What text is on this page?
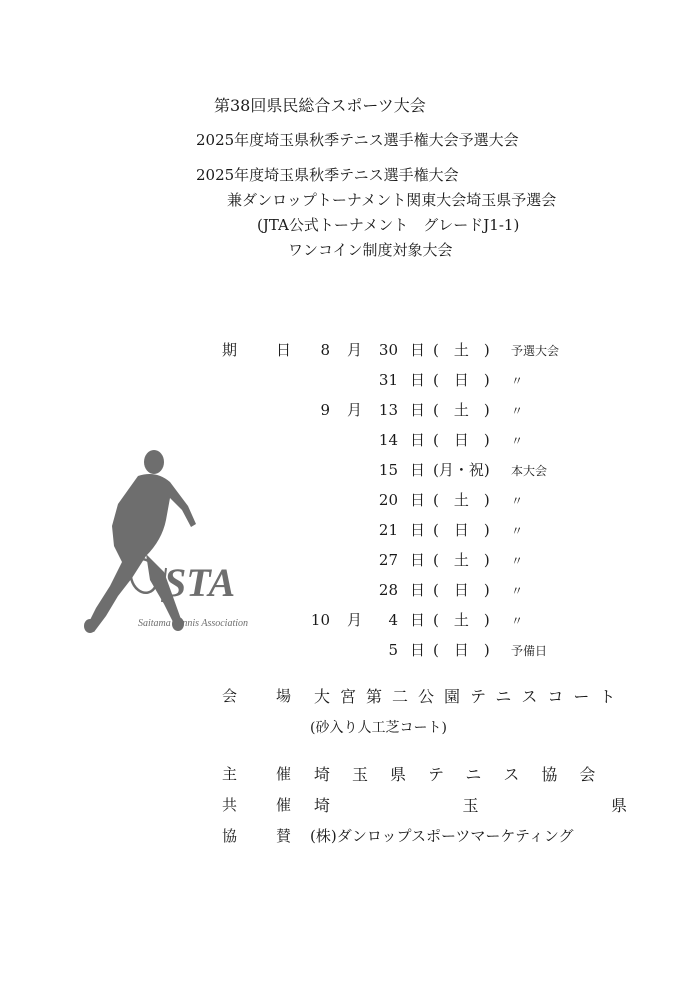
第38回県民総合スポーツ大会
2025年度埼玉県秋季テニス選手権大会予選大会
2025年度埼玉県秋季テニス選手権大会
兼ダンロップトーナメント関東大会埼玉県予選会
(JTA公式トーナメント　グレードJ1-1)
ワンコイン制度対象大会
期　日	8 月	30 日 (　土　) 予選大会
31 日 (　日　) 〃
9 月	13 日 (　土　) 〃
14 日 (　日　) 〃
15 日 (月・祝) 本大会
20 日 (　土　) 〃
21 日 (　日　) 〃
27 日 (　土　) 〃
28 日 (　日　) 〃
10 月	4 日 (　土　) 〃
5 日 (　日　) 予備日
STA
Saitama Tennis Association
会　場 大宮第二公園テニスコート
(砂入り人工芝コート)
主　催 埼玉県テニス協会
共　催 埼	玉	県
協　賛 (株)ダンロップスポーツマーケティング
